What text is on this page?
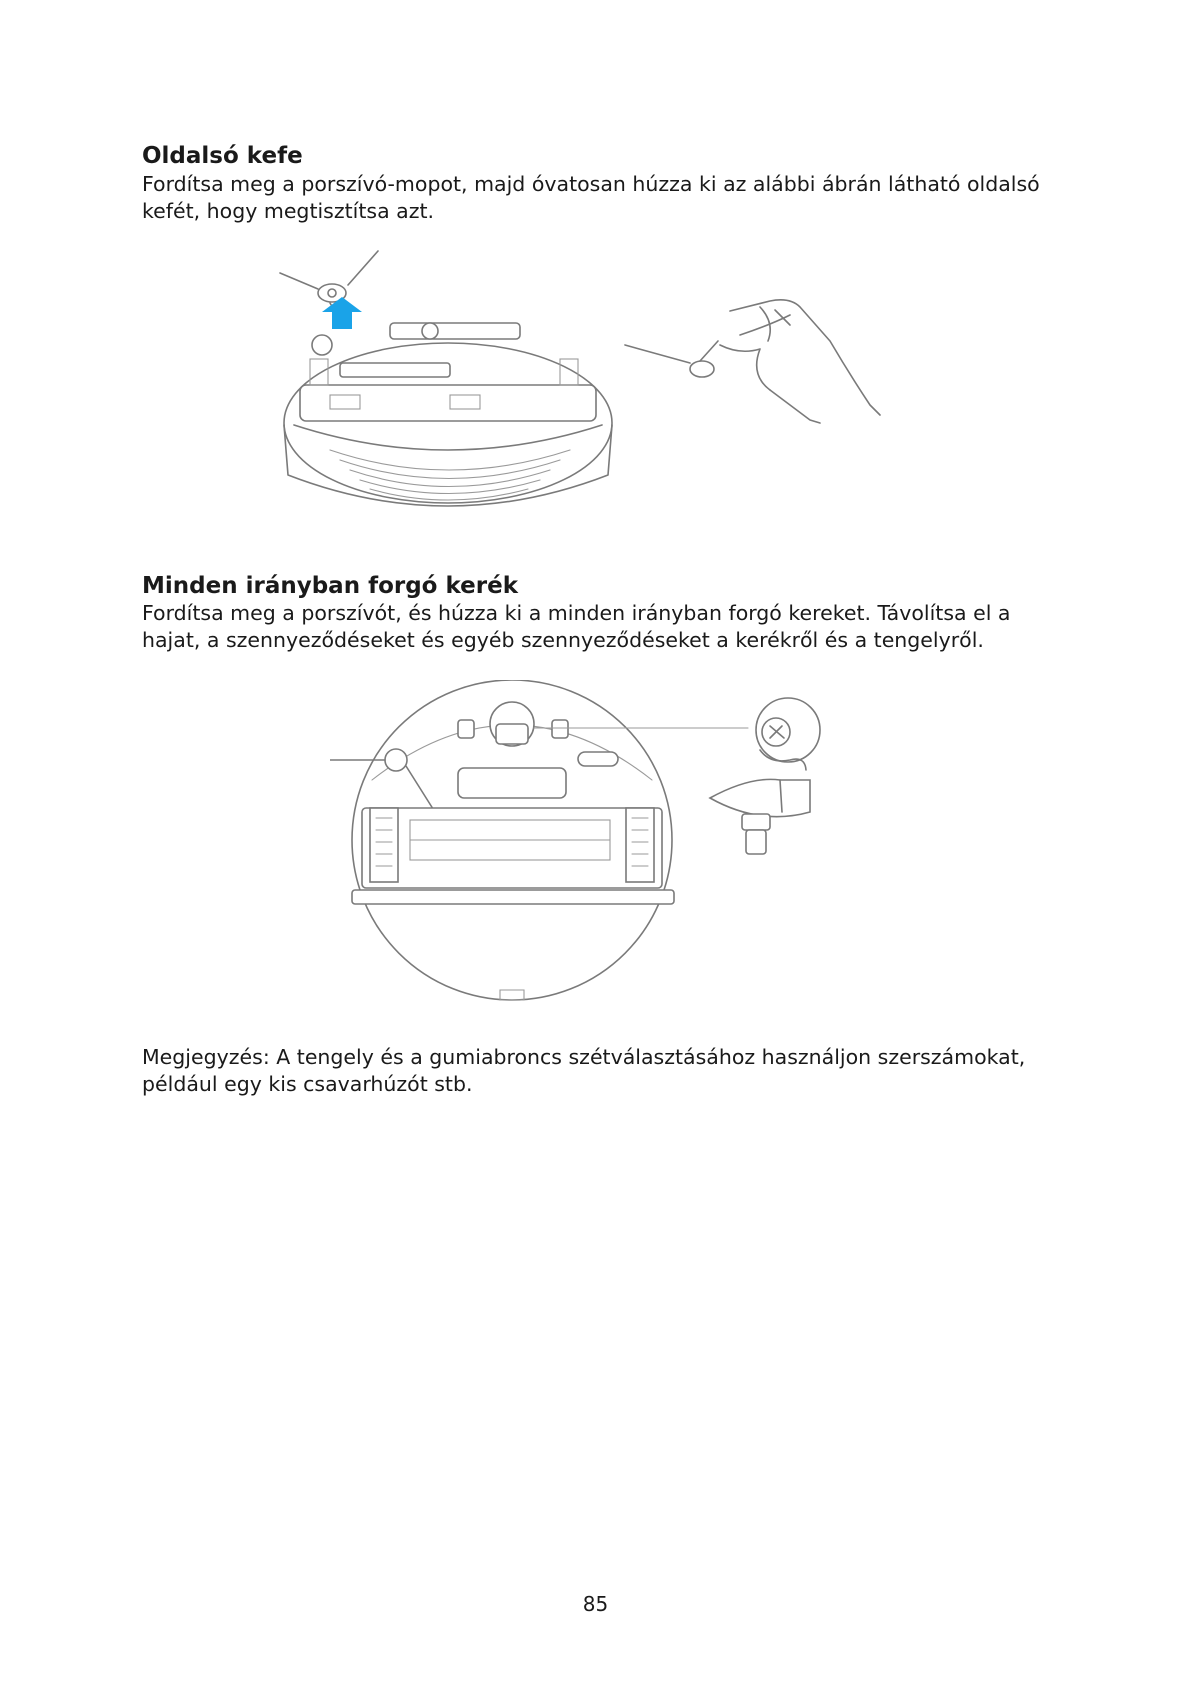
Oldalsó kefe

Fordítsa meg a porszívó-mopot, majd óvatosan húzza ki az alábbi ábrán látható oldalsó
kefét, hogy megtisztítsa azt.

Minden irányban forgó kerék

Fordítsa meg a porszívót, és húzza ki a minden irányban forgó kereket. Távolítsa el a
hajat, a szennyeződéseket és egyéb szennyeződéseket a kerékről és a tengelyről.

Megjegyzés: A tengely és a gumiabroncs szétválasztásához használjon szerszámokat,
például egy kis csavarhúzót stb.

85
